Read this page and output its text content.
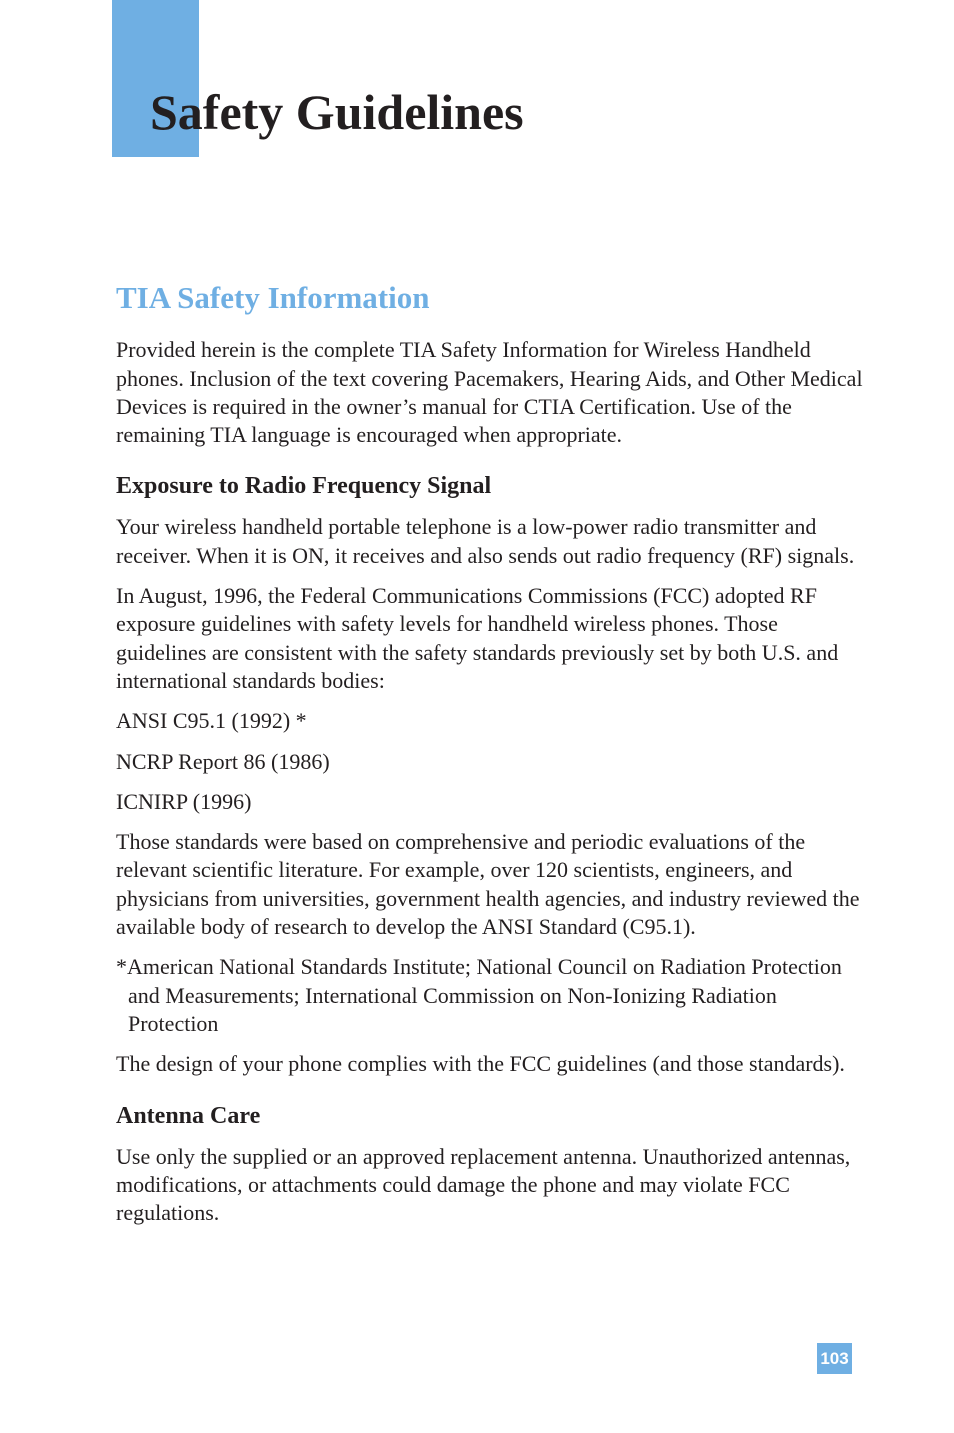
Safety Guidelines
TIA Safety Information

Provided herein is the complete TIA Safety Information for Wireless Handheld phones. Inclusion of the text covering Pacemakers, Hearing Aids, and Other Medical Devices is required in the owner’s manual for CTIA Certification. Use of the remaining TIA language is encouraged when appropriate.

Exposure to Radio Frequency Signal

Your wireless handheld portable telephone is a low-power radio transmitter and receiver. When it is ON, it receives and also sends out radio frequency (RF) signals.

In August, 1996, the Federal Communications Commissions (FCC) adopted RF exposure guidelines with safety levels for handheld wireless phones. Those guidelines are consistent with the safety standards previously set by both U.S. and international standards bodies:

ANSI C95.1 (1992) *

NCRP Report 86 (1986)

ICNIRP (1996)

Those standards were based on comprehensive and periodic evaluations of the relevant scientific literature. For example, over 120 scientists, engineers, and physicians from universities, government health agencies, and industry reviewed the available body of research to develop the ANSI Standard (C95.1).

*American National Standards Institute; National Council on Radiation Protection and Measurements; International Commission on Non-Ionizing Radiation Protection

The design of your phone complies with the FCC guidelines (and those standards).

Antenna Care

Use only the supplied or an approved replacement antenna. Unauthorized antennas, modifications, or attachments could damage the phone and may violate FCC regulations.

103
